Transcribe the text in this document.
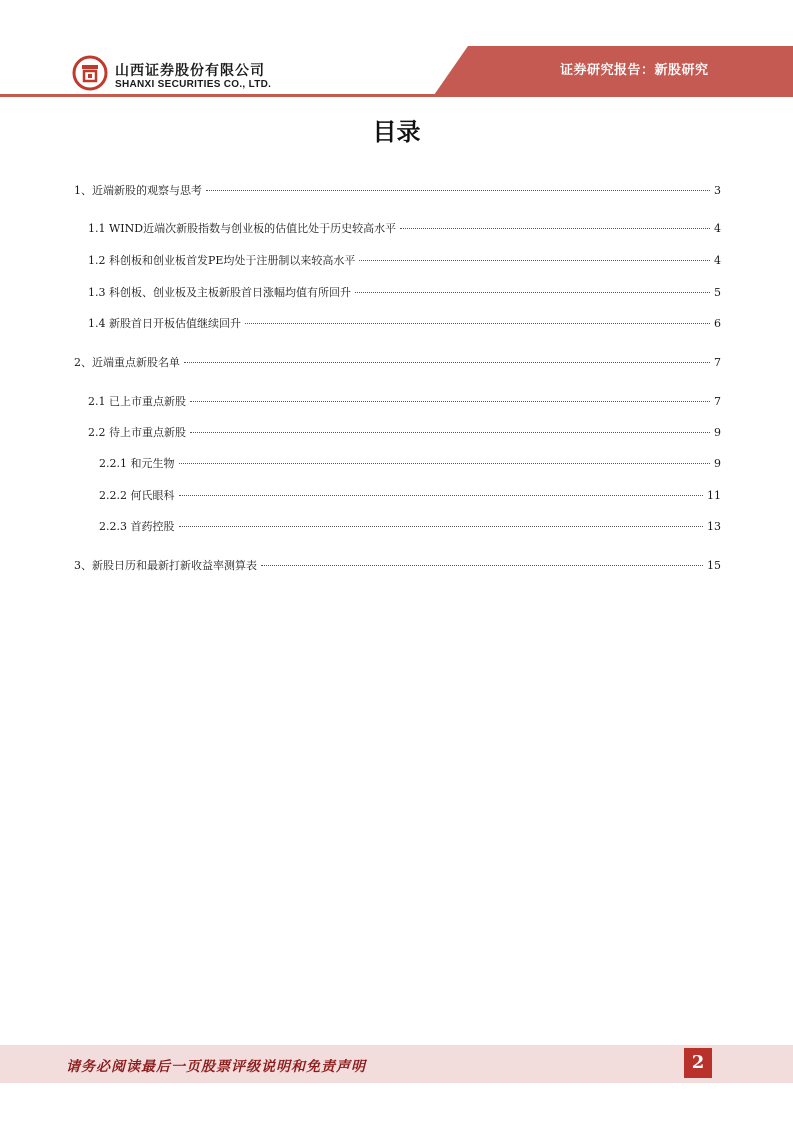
山西证券股份有限公司
SHANXI SECURITIES CO., LTD.
证券研究报告：新股研究
目录
1、近端新股的观察与思考	3
1.1 WIND近端次新股指数与创业板的估值比处于历史较高水平	4
1.2 科创板和创业板首发PE均处于注册制以来较高水平	4
1.3 科创板、创业板及主板新股首日涨幅均值有所回升	5
1.4 新股首日开板估值继续回升	6
2、近端重点新股名单	7
2.1 已上市重点新股	7
2.2 待上市重点新股	9
2.2.1 和元生物	9
2.2.2 何氏眼科	11
2.2.3 首药控股	13
3、新股日历和最新打新收益率测算表	15
请务必阅读最后一页股票评级说明和免责声明	2
